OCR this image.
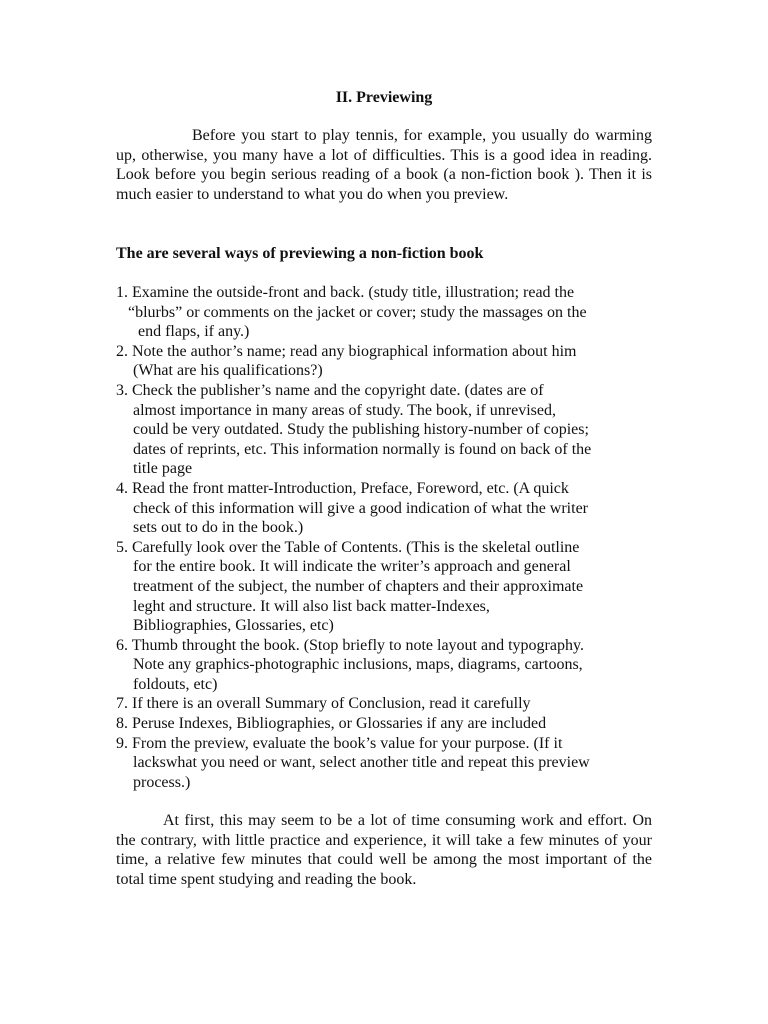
II. Previewing
Before you start to play tennis, for example, you usually do warming up, otherwise, you many have a lot of difficulties. This is a good idea in reading. Look before you begin serious reading of a book (a non-fiction book ). Then it is much easier to understand to what you do when you preview.
The are several ways of previewing a non-fiction book
1. Examine the outside-front and back. (study title, illustration; read the
“blurbs” or comments on the jacket or cover; study the massages on the
end flaps, if any.)
2. Note the author’s name; read any biographical information about him
(What are his qualifications?)
3. Check the publisher’s name and the copyright date. (dates are of
almost importance in many areas of study. The book, if unrevised,
could be very outdated. Study the publishing history-number of copies;
dates of reprints, etc. This information normally is found on back of the
title page
4. Read the front matter-Introduction, Preface, Foreword, etc. (A quick
check of this information will give a good indication of what the writer
sets out to do in the book.)
5. Carefully look over the Table of Contents. (This is the skeletal outline
for the entire book. It will indicate the writer’s approach and general
treatment of the subject, the number of chapters and their approximate
leght and structure. It will also list back matter-Indexes,
Bibliographies, Glossaries, etc)
6. Thumb throught the book. (Stop briefly to note layout and typography.
Note any graphics-photographic inclusions, maps, diagrams, cartoons,
foldouts, etc)
7. If there is an overall Summary of Conclusion, read it carefully
8. Peruse Indexes, Bibliographies, or Glossaries if any are included
9. From the preview, evaluate the book’s value for your purpose. (If it
lackswhat you need or want, select another title and repeat this preview
process.)
At first, this may seem to be a lot of time consuming work and effort. On the contrary, with little practice and experience, it will take a few minutes of your time, a relative few minutes that could well be among the most important of the total time spent studying and reading the book.
